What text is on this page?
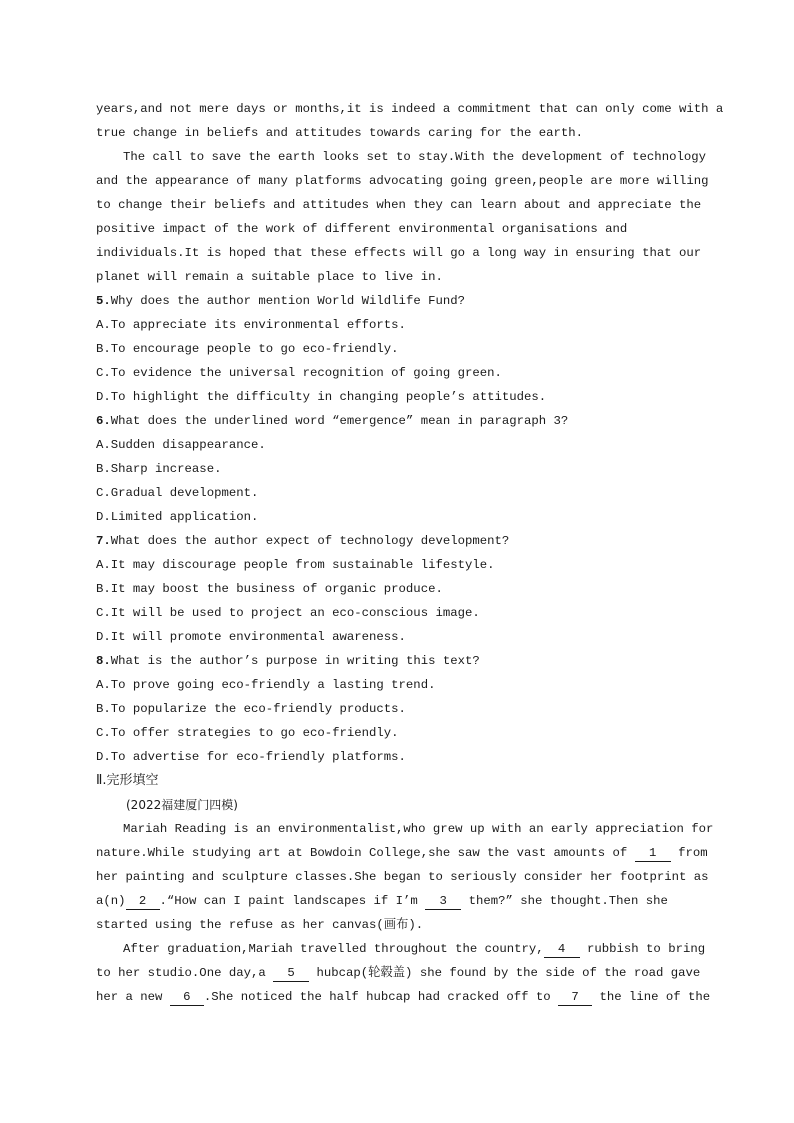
years,and not mere days or months,it is indeed a commitment that can only come with a
true change in beliefs and attitudes towards caring for the earth.
The call to save the earth looks set to stay.With the development of technology
and the appearance of many platforms advocating going green,people are more willing
to change their beliefs and attitudes when they can learn about and appreciate the
positive impact of the work of different environmental organisations and
individuals.It is hoped that these effects will go a long way in ensuring that our
planet will remain a suitable place to live in.
5.Why does the author mention World Wildlife Fund?
A.To appreciate its environmental efforts.
B.To encourage people to go eco-friendly.
C.To evidence the universal recognition of going green.
D.To highlight the difficulty in changing people’s attitudes.
6.What does the underlined word “emergence” mean in paragraph 3?
A.Sudden disappearance.
B.Sharp increase.
C.Gradual development.
D.Limited application.
7.What does the author expect of technology development?
A.It may discourage people from sustainable lifestyle.
B.It may boost the business of organic produce.
C.It will be used to project an eco-conscious image.
D.It will promote environmental awareness.
8.What is the author’s purpose in writing this text?
A.To prove going eco-friendly a lasting trend.
B.To popularize the eco-friendly products.
C.To offer strategies to go eco-friendly.
D.To advertise for eco-friendly platforms.
Ⅱ.完形填空
(2022福建厦门四模)
Mariah Reading is an environmentalist,who grew up with an early appreciation for
nature.While studying art at Bowdoin College,she saw the vast amounts of 1 from
her painting and sculpture classes.She began to seriously consider her footprint as
a(n) 2 .“How can I paint landscapes if I’m 3 them?” she thought.Then she
started using the refuse as her canvas(画布).
After graduation,Mariah travelled throughout the country, 4 rubbish to bring
to her studio.One day,a 5 hubcap(轮毂盖) she found by the side of the road gave
her a new 6 .She noticed the half hubcap had cracked off to 7 the line of the
